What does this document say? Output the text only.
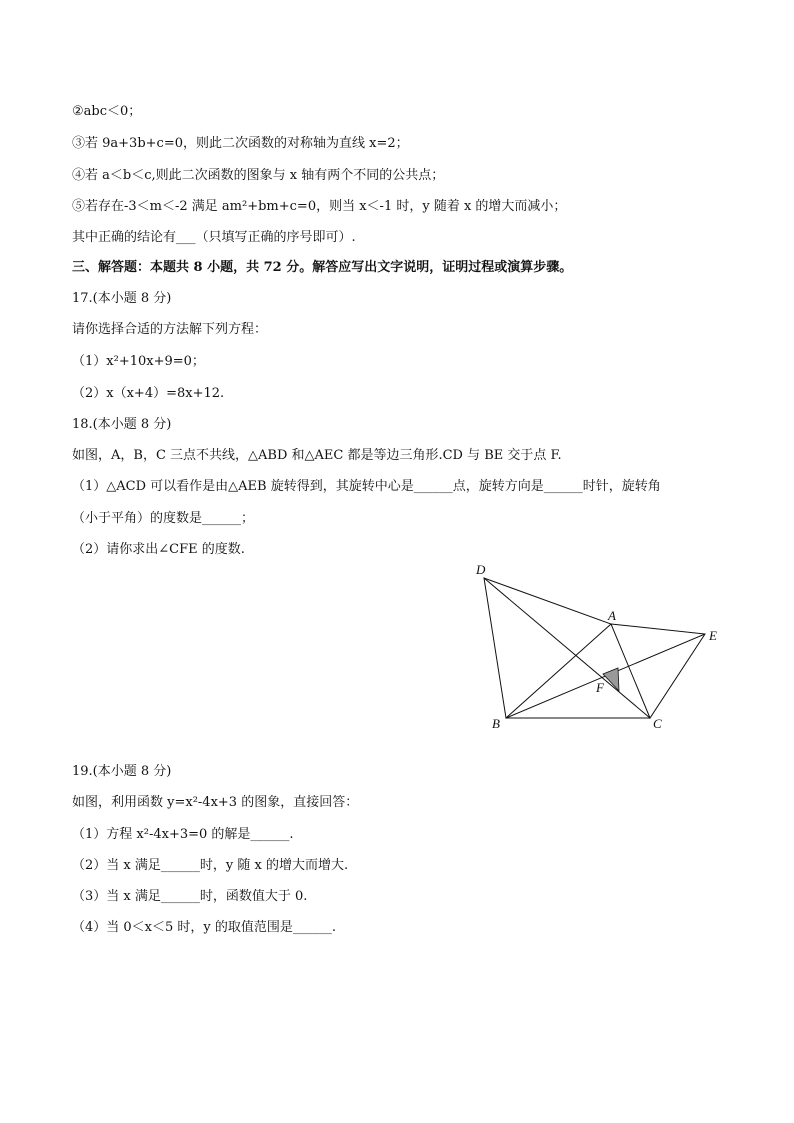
②abc＜0；
③若 9a+3b+c=0，则此二次函数的对称轴为直线 x=2；
④若 a＜b＜c,则此二次函数的图象与 x 轴有两个不同的公共点；
⑤若存在-3＜m＜-2 满足 am²+bm+c=0，则当 x＜-1 时，y 随着 x 的增大而减小；
其中正确的结论有___（只填写正确的序号即可）.
三、解答题：本题共 8 小题，共 72 分。解答应写出文字说明，证明过程或演算步骤。
17.(本小题 8 分)
请你选择合适的方法解下列方程：
（1）x²+10x+9=0；
（2）x（x+4）=8x+12.
18.(本小题 8 分)
如图，A，B，C 三点不共线，△ABD 和△AEC 都是等边三角形.CD 与 BE 交于点 F.
（1）△ACD 可以看作是由△AEB 旋转得到，其旋转中心是______点，旋转方向是______时针，旋转角
（小于平角）的度数是______；
（2）请你求出∠CFE 的度数.
D
A
E
F
B	C
19.(本小题 8 分)
如图，利用函数 y=x²-4x+3 的图象，直接回答：
（1）方程 x²-4x+3=0 的解是______.
（2）当 x 满足______时，y 随 x 的增大而增大.
（3）当 x 满足______时，函数值大于 0.
（4）当 0＜x＜5 时，y 的取值范围是______.
